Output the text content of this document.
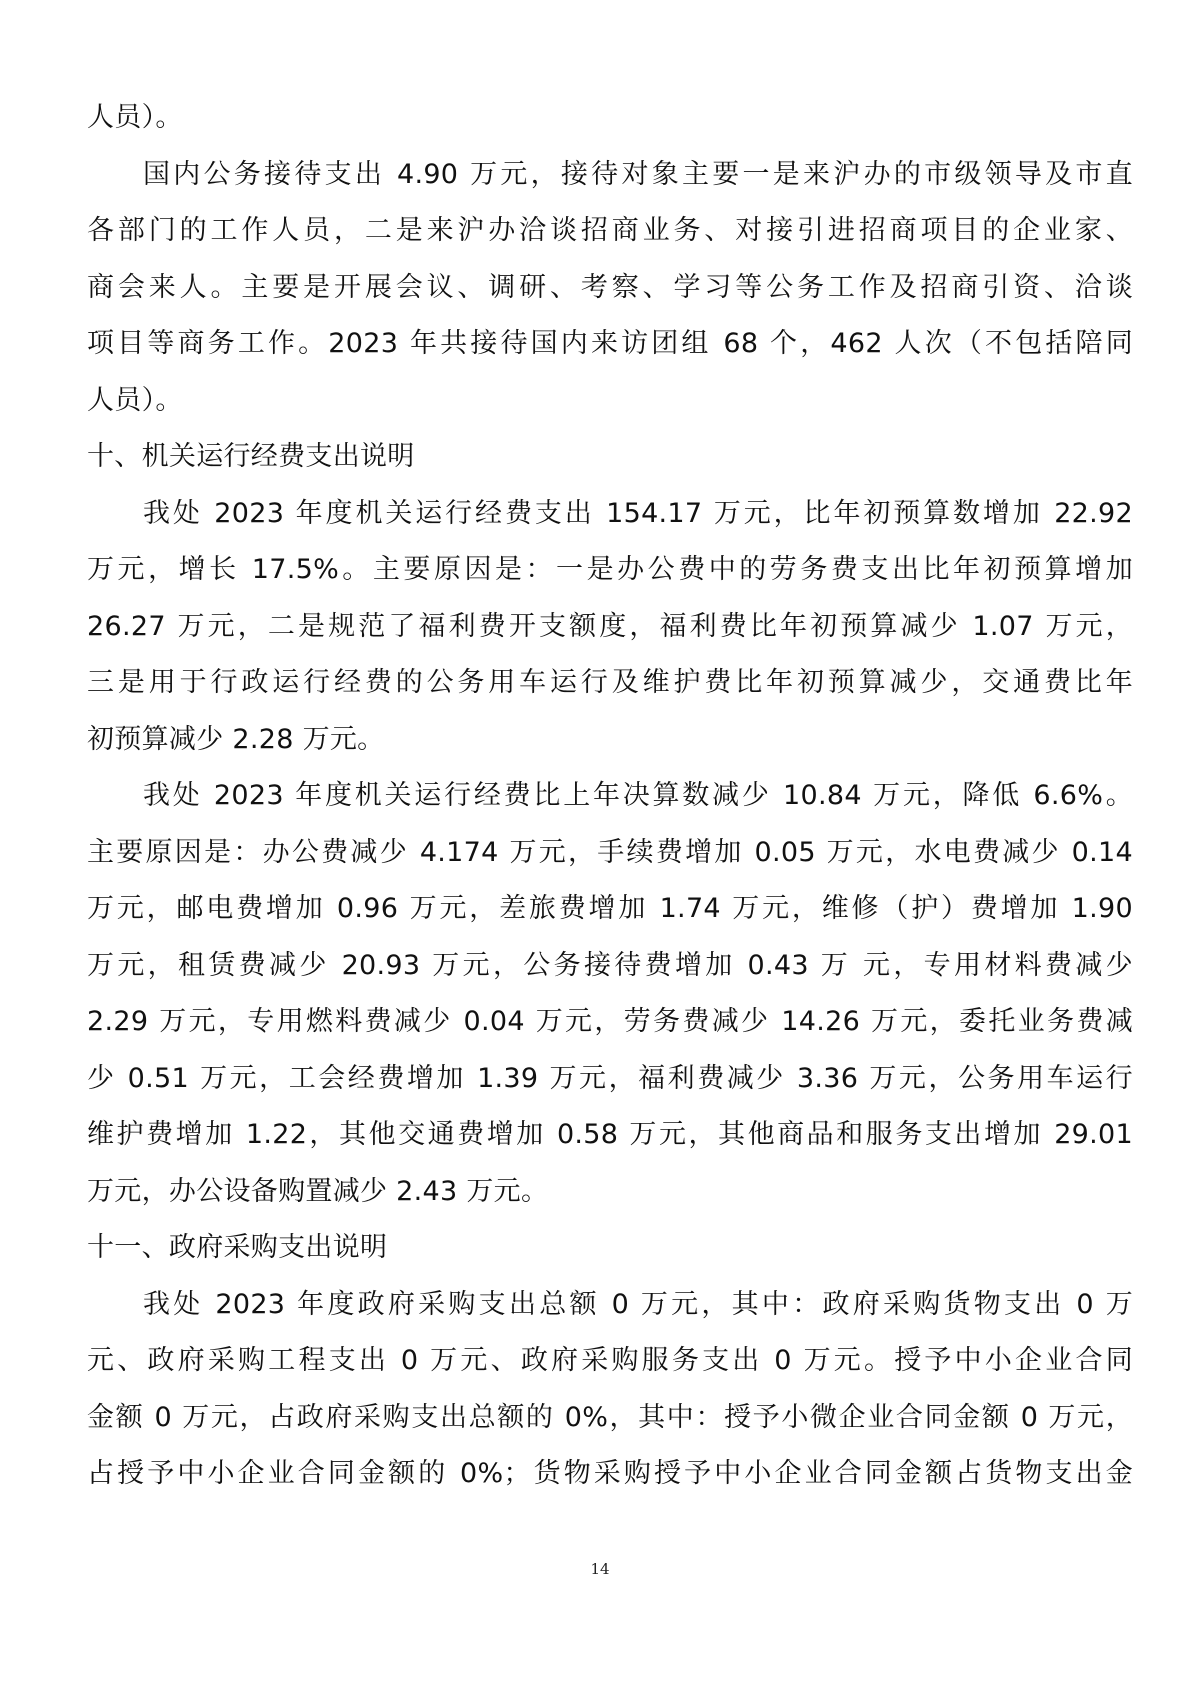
人员）。
国内公务接待支出 4.90 万元，接待对象主要一是来沪办的市级领导及市直
各部门的工作人员，二是来沪办洽谈招商业务、对接引进招商项目的企业家、
商会来人。主要是开展会议、调研、考察、学习等公务工作及招商引资、洽谈
项目等商务工作。2023 年共接待国内来访团组 68 个，462 人次（不包括陪同
人员）。
十、机关运行经费支出说明
我处 2023 年度机关运行经费支出 154.17 万元，比年初预算数增加 22.92
万元，增长 17.5%。主要原因是：一是办公费中的劳务费支出比年初预算增加
26.27 万元，二是规范了福利费开支额度，福利费比年初预算减少 1.07 万元，
三是用于行政运行经费的公务用车运行及维护费比年初预算减少，交通费比年
初预算减少 2.28 万元。
我处 2023 年度机关运行经费比上年决算数减少 10.84 万元，降低 6.6%。
主要原因是：办公费减少 4.174 万元，手续费增加 0.05 万元，水电费减少 0.14
万元，邮电费增加 0.96 万元，差旅费增加 1.74 万元，维修（护）费增加 1.90
万元，租赁费减少 20.93 万元，公务接待费增加 0.43 万 元，专用材料费减少
2.29 万元，专用燃料费减少 0.04 万元，劳务费减少 14.26 万元，委托业务费减
少 0.51 万元，工会经费增加 1.39 万元，福利费减少 3.36 万元，公务用车运行
维护费增加 1.22，其他交通费增加 0.58 万元，其他商品和服务支出增加 29.01
万元，办公设备购置减少 2.43 万元。
十一、政府采购支出说明
我处 2023 年度政府采购支出总额 0 万元，其中：政府采购货物支出 0 万
元、政府采购工程支出 0 万元、政府采购服务支出 0 万元。授予中小企业合同
金额 0 万元，占政府采购支出总额的 0%，其中：授予小微企业合同金额 0 万元，
占授予中小企业合同金额的 0%；货物采购授予中小企业合同金额占货物支出金
14
